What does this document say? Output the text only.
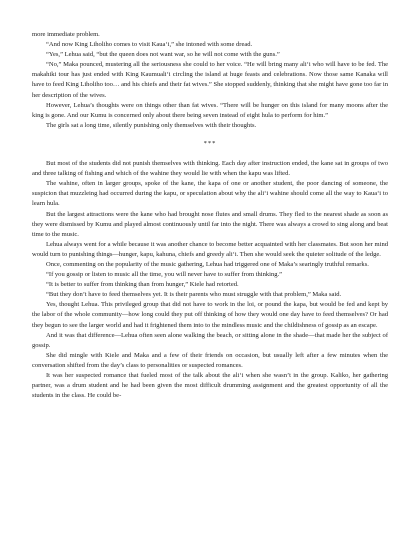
more immediate problem.

“And now King Liholiho comes to visit Kaua‘i,” she intoned with some dread.

“Yes,” Lehua said, “but the queen does not want war, so he will not come with the guns.”

“No,” Maka pounced, mustering all the seriousness she could to her voice. “He will bring many ali‘i who will have to be fed. The makahiki tour has just ended with King Kaumuali‘i circling the island at huge feasts and celebrations. Now those same Kanaka will have to feed King Liholiho too… and his chiefs and their fat wives.” She stopped suddenly, thinking that she might have gone too far in her description of the wives.

However, Lehua’s thoughts were on things other than fat wives. “There will be hunger on this island for many moons after the king is gone. And our Kumu is concerned only about there being seven instead of eight hula to perform for him.”

The girls sat a long time, silently punishing only themselves with their thoughts.

***

But most of the students did not punish themselves with thinking. Each day after instruction ended, the kane sat in groups of two and three talking of fishing and which of the wahine they would lie with when the kapu was lifted.

The wahine, often in larger groups, spoke of the kane, the kapa of one or another student, the poor dancing of someone, the suspicion that muzzleing had occurred during the kapu, or speculation about why the ali‘i wahine should come all the way to Kaua‘i to learn hula.

But the largest attractions were the kane who had brought nose flutes and small drums. They fled to the nearest shade as soon as they were dismissed by Kumu and played almost continuously until far into the night. There was always a crowd to sing along and beat time to the music.

Lehua always went for a while because it was another chance to become better acquainted with her classmates. But soon her mind would turn to punishing things—hunger, kapu, kahuna, chiefs and greedy ali‘i. Then she would seek the quieter solitude of the ledge.

Once, commenting on the popularity of the music gathering, Lehua had triggered one of Maka’s searingly truthful remarks.

“If you gossip or listen to music all the time, you will never have to suffer from thinking.”

“It is better to suffer from thinking than from hunger,” Kiele had retorted.

“But they don’t have to feed themselves yet. It is their parents who must struggle with that problem,” Maka said.

Yes, thought Lehua. This privileged group that did not have to work in the loi, or pound the kapa, but would be fed and kept by the labor of the whole community—how long could they put off thinking of how they would one day have to feed themselves? Or had they begun to see the larger world and had it frightened them into to the mindless music and the childishness of gossip as an escape.

And it was that difference—Lehua often seen alone walking the beach, or sitting alone in the shade—that made her the subject of gossip.

She did mingle with Kiele and Maka and a few of their friends on occasion, but usually left after a few minutes when the conversation shifted from the day’s class to personalities or suspected romances.

It was her suspected romance that fueled most of the talk about the ali‘i when she wasn’t in the group. Kaliko, her gathering partner, was a drum student and he had been given the most difficult drumming assignment and the greatest opportunity of all the students in the class. He could be-
